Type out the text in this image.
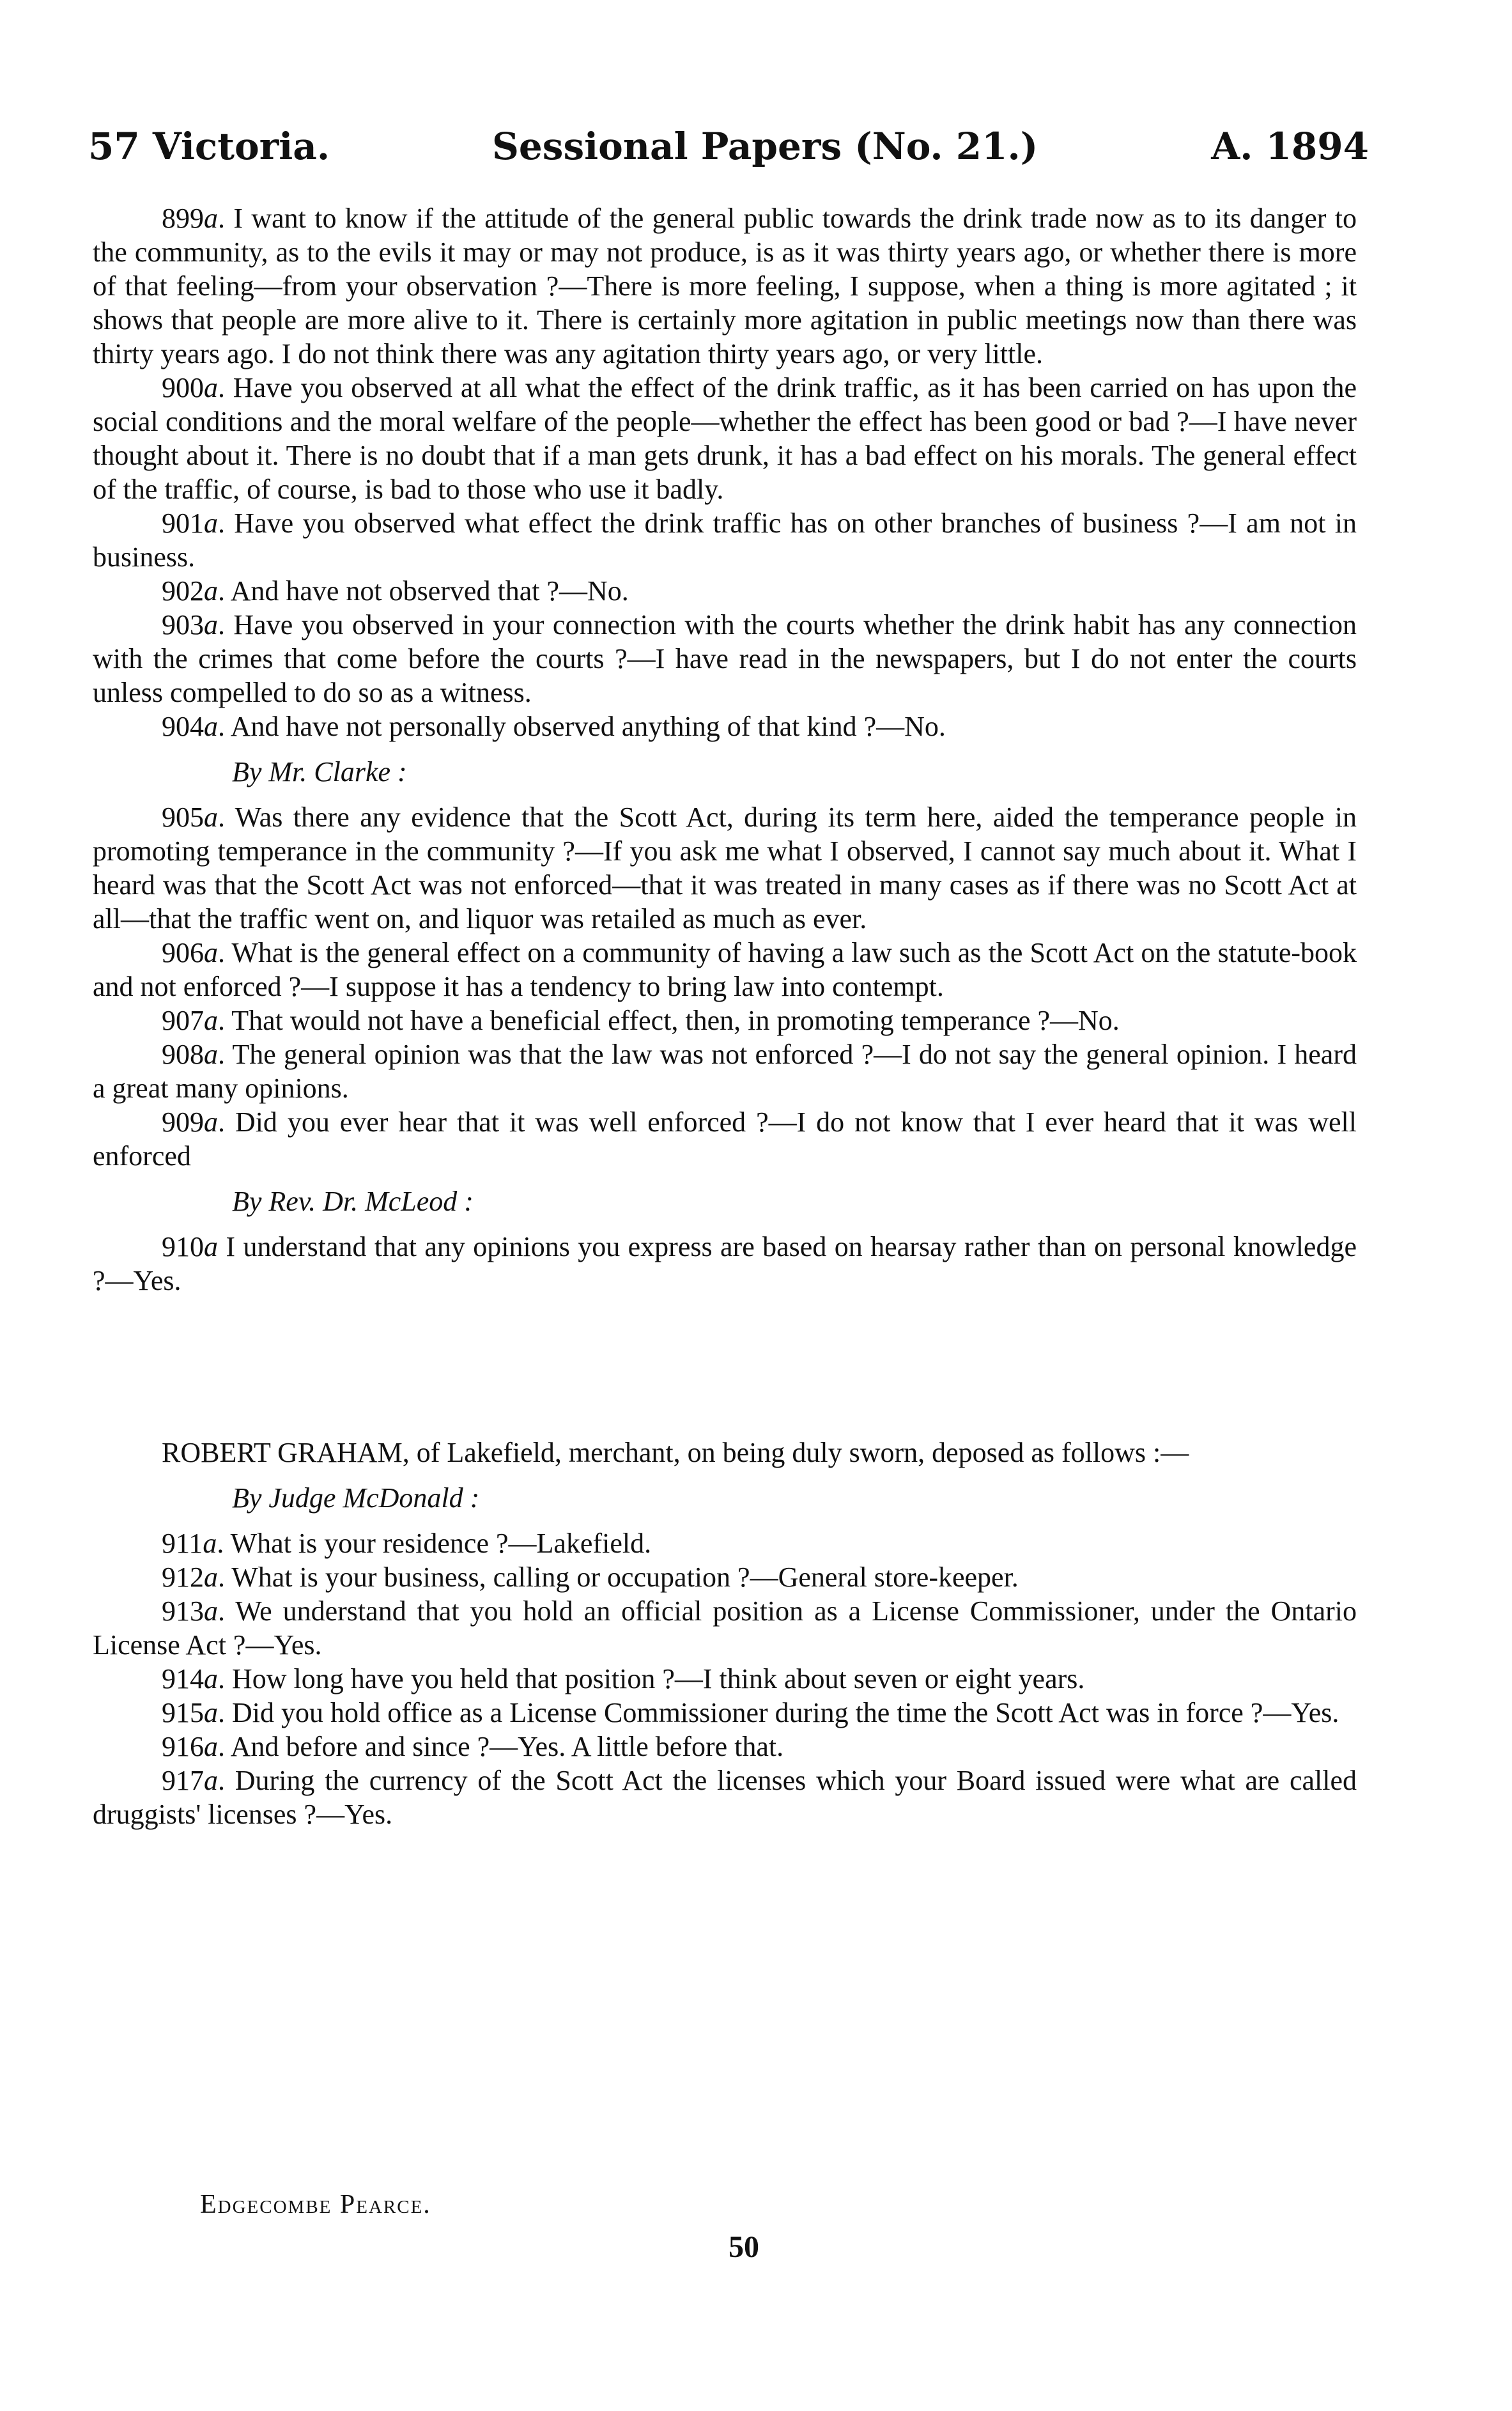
57 Victoria.	Sessional Papers (No. 21.)	A. 1894

899a. I want to know if the attitude of the general public towards the drink trade now as to its danger to the community, as to the evils it may or may not produce, is as it was thirty years ago, or whether there is more of that feeling—from your observation ?—There is more feeling, I suppose, when a thing is more agitated ; it shows that people are more alive to it. There is certainly more agitation in public meetings now than there was thirty years ago. I do not think there was any agitation thirty years ago, or very little.

900a. Have you observed at all what the effect of the drink traffic, as it has been carried on has upon the social conditions and the moral welfare of the people—whether the effect has been good or bad ?—I have never thought about it. There is no doubt that if a man gets drunk, it has a bad effect on his morals. The general effect of the traffic, of course, is bad to those who use it badly.

901a. Have you observed what effect the drink traffic has on other branches of business ?—I am not in business.

902a. And have not observed that ?—No.

903a. Have you observed in your connection with the courts whether the drink habit has any connection with the crimes that come before the courts ?—I have read in the newspapers, but I do not enter the courts unless compelled to do so as a witness.

904a. And have not personally observed anything of that kind ?—No.

By Mr. Clarke :

905a. Was there any evidence that the Scott Act, during its term here, aided the temperance people in promoting temperance in the community ?—If you ask me what I observed, I cannot say much about it. What I heard was that the Scott Act was not enforced—that it was treated in many cases as if there was no Scott Act at all—that the traffic went on, and liquor was retailed as much as ever.

906a. What is the general effect on a community of having a law such as the Scott Act on the statute-book and not enforced ?—I suppose it has a tendency to bring law into contempt.

907a. That would not have a beneficial effect, then, in promoting temperance ?—No.

908a. The general opinion was that the law was not enforced ?—I do not say the general opinion. I heard a great many opinions.

909a. Did you ever hear that it was well enforced ?—I do not know that I ever heard that it was well enforced

By Rev. Dr. McLeod :

910a I understand that any opinions you express are based on hearsay rather than on personal knowledge ?—Yes.

ROBERT GRAHAM, of Lakefield, merchant, on being duly sworn, deposed as follows :—

By Judge McDonald :

911a. What is your residence ?—Lakefield.

912a. What is your business, calling or occupation ?—General store-keeper.

913a. We understand that you hold an official position as a License Commissioner, under the Ontario License Act ?—Yes.

914a. How long have you held that position ?—I think about seven or eight years.

915a. Did you hold office as a License Commissioner during the time the Scott Act was in force ?—Yes.

916a. And before and since ?—Yes. A little before that.

917a. During the currency of the Scott Act the licenses which your Board issued were what are called druggists' licenses ?—Yes.

Edgecombe Pearce.
50
